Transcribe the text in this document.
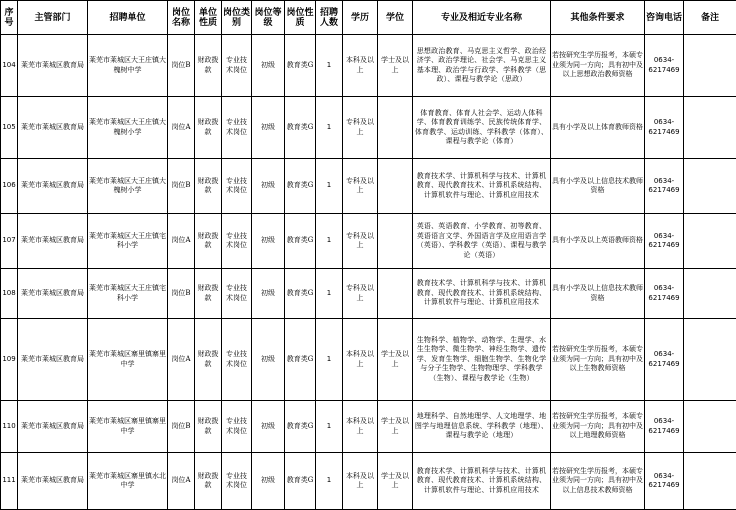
序号	主管部门	招聘单位	岗位名称	单位性质	岗位类别	岗位等级	岗位性质	招聘人数	学历	学位	专业及相近专业名称	其他条件要求	咨询电话	备注
104	莱芜市莱城区教育局	莱芜市莱城区大王庄镇大槐树中学	岗位B	财政拨款	专业技术岗位	初级	教育类G	1	本科及以上	学士及以上	思想政治教育、马克思主义哲学、政治经济学、政治学理论、社会学、马克思主义基本理、政治学与行政学、学科教学（思政）、课程与教学论（思政）	若按研究生学历报考，本硕专业须为同一方向；具有初中及以上思想政治教师资格	0634-6217469	
105	莱芜市莱城区教育局	莱芜市莱城区大王庄镇大槐树小学	岗位A	财政拨款	专业技术岗位	初级	教育类G	1	专科及以上		体育教育、体育人社会学、运动人体科学、体育教育训练学、民族传统体育学、体育教学、运动训练、学科教学（体育）、课程与教学论（体育）	具有小学及以上体育教师资格	0634-6217469	
106	莱芜市莱城区教育局	莱芜市莱城区大王庄镇大槐树小学	岗位B	财政拨款	专业技术岗位	初级	教育类G	1	专科及以上		教育技术学、计算机科学与技术、计算机教育、现代教育技术、计算机系统结构、计算机软件与理论、计算机应用技术	具有小学及以上信息技术教师资格	0634-6217469	
107	莱芜市莱城区教育局	莱芜市莱城区大王庄镇宅科小学	岗位A	财政拨款	专业技术岗位	初级	教育类G	1	专科及以上		英语、英语教育、小学教育、初等教育、英语语言文学、外国语言学及应用语言学（英语）、学科教学（英语）、课程与教学论（英语）	具有小学及以上英语教师资格	0634-6217469	
108	莱芜市莱城区教育局	莱芜市莱城区大王庄镇宅科小学	岗位B	财政拨款	专业技术岗位	初级	教育类G	1	专科及以上		教育技术学、计算机科学与技术、计算机教育、现代教育技术、计算机系统结构、计算机软件与理论、计算机应用技术	具有小学及以上信息技术教师资格	0634-6217469	
109	莱芜市莱城区教育局	莱芜市莱城区寨里镇寨里中学	岗位A	财政拨款	专业技术岗位	初级	教育类G	1	本科及以上	学士及以上	生物科学、植物学、动物学、生理学、水生生物学、微生物学、神经生物学、遗传学、发育生物学、细胞生物学、生物化学与分子生物学、生物物理学、学科教学（生物）、课程与教学论（生物）	若按研究生学历报考，本硕专业须为同一方向；具有初中及以上生物教师资格	0634-6217469	
110	莱芜市莱城区教育局	莱芜市莱城区寨里镇寨里中学	岗位B	财政拨款	专业技术岗位	初级	教育类G	1	本科及以上	学士及以上	地理科学、自然地理学、人文地理学、地图学与地理信息系统、学科教学（地理）、课程与教学论（地理）	若按研究生学历报考，本硕专业须为同一方向；具有初中及以上地理教师资格	0634-6217469	
111	莱芜市莱城区教育局	莱芜市莱城区寨里镇水北中学	岗位A	财政拨款	专业技术岗位	初级	教育类G	1	本科及以上	学士及以上	教育技术学、计算机科学与技术、计算机教育、现代教育技术、计算机系统结构、计算机软件与理论、计算机应用技术	若按研究生学历报考，本硕专业须为同一方向；具有初中及以上信息技术教师资格	0634-6217469	
